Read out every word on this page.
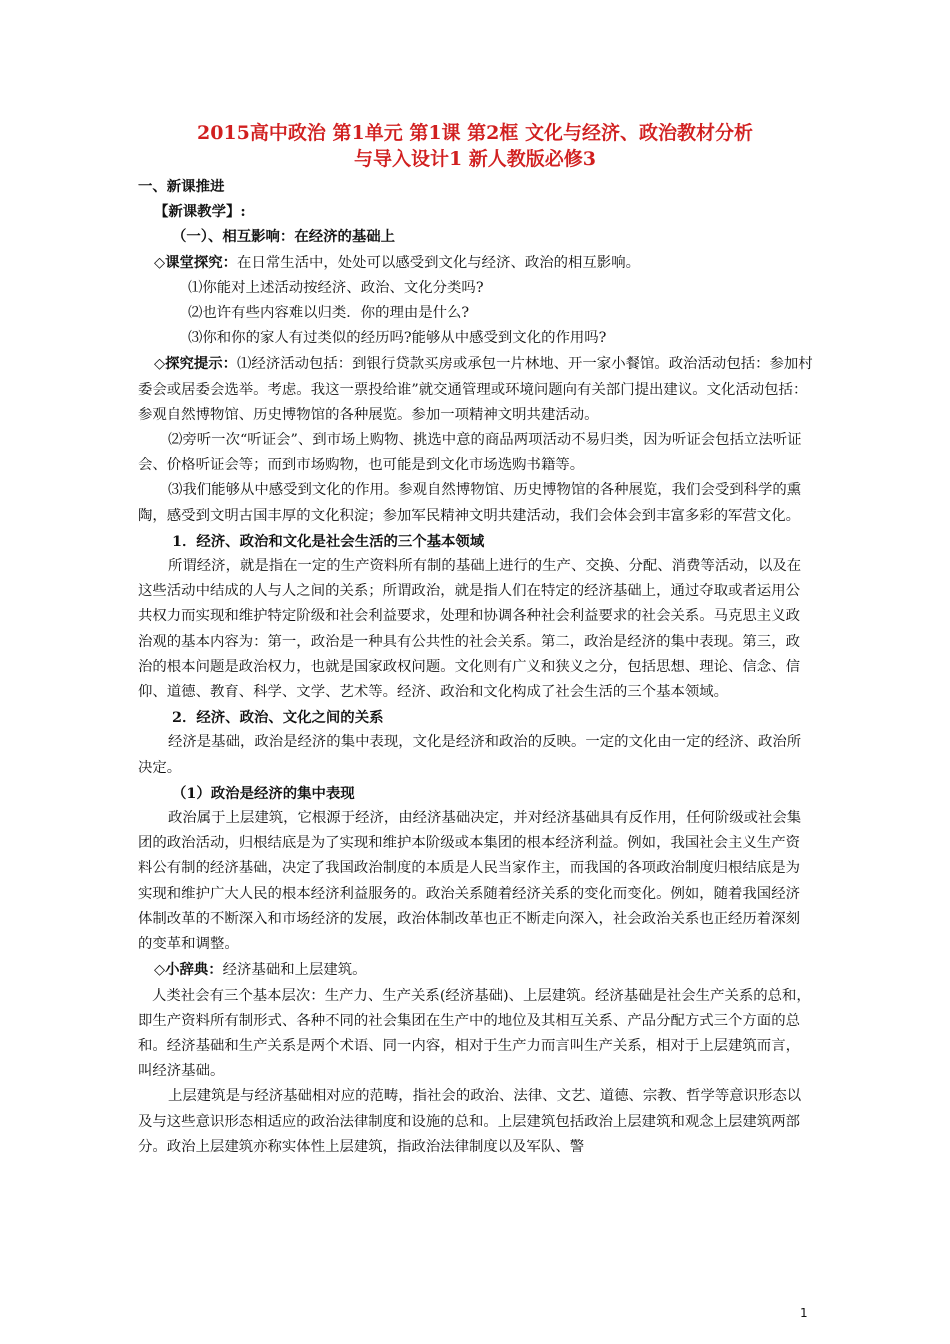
2015高中政治 第1单元 第1课 第2框 文化与经济、政治教材分析
与导入设计1 新人教版必修3

一、新课推进

【新课教学】:

（一）、相互影响：在经济的基础上

◇课堂探究：在日常生活中，处处可以感受到文化与经济、政治的相互影响。

⑴你能对上述活动按经济、政治、文化分类吗?

⑵也许有些内容难以归类．你的理由是什么?

⑶你和你的家人有过类似的经历吗?能够从中感受到文化的作用吗?

◇探究提示：⑴经济活动包括：到银行贷款买房或承包一片林地、开一家小餐馆。政治活动包括：参加村委会或居委会选举。考虑。我这一票投给谁”就交通管理或环境问题向有关部门提出建议。文化活动包括：参观自然博物馆、历史博物馆的各种展览。参加一项精神文明共建活动。

⑵旁听一次“听证会”、到市场上购物、挑选中意的商品两项活动不易归类，因为听证会包括立法听证会、价格听证会等；而到市场购物，也可能是到文化市场选购书籍等。

⑶我们能够从中感受到文化的作用。参观自然博物馆、历史博物馆的各种展览，我们会受到科学的熏陶，感受到文明古国丰厚的文化积淀；参加军民精神文明共建活动，我们会体会到丰富多彩的军营文化。

1．经济、政治和文化是社会生活的三个基本领域

所谓经济，就是指在一定的生产资料所有制的基础上进行的生产、交换、分配、消费等活动，以及在这些活动中结成的人与人之间的关系；所谓政治，就是指人们在特定的经济基础上，通过夺取或者运用公共权力而实现和维护特定阶级和社会利益要求，处理和协调各种社会利益要求的社会关系。马克思主义政治观的基本内容为：第一，政治是一种具有公共性的社会关系。第二，政治是经济的集中表现。第三，政治的根本问题是政治权力，也就是国家政权问题。文化则有广义和狭义之分，包括思想、理论、信念、信仰、道德、教育、科学、文学、艺术等。经济、政治和文化构成了社会生活的三个基本领域。

2．经济、政治、文化之间的关系

经济是基础，政治是经济的集中表现，文化是经济和政治的反映。一定的文化由一定的经济、政治所决定。

（1）政治是经济的集中表现

政治属于上层建筑，它根源于经济，由经济基础决定，并对经济基础具有反作用，任何阶级或社会集团的政治活动，归根结底是为了实现和维护本阶级或本集团的根本经济利益。例如，我国社会主义生产资料公有制的经济基础，决定了我国政治制度的本质是人民当家作主，而我国的各项政治制度归根结底是为实现和维护广大人民的根本经济利益服务的。政治关系随着经济关系的变化而变化。例如，随着我国经济体制改革的不断深入和市场经济的发展，政治体制改革也正不断走向深入，社会政治关系也正经历着深刻的变革和调整。

◇小辞典：经济基础和上层建筑。

人类社会有三个基本层次：生产力、生产关系(经济基础)、上层建筑。经济基础是社会生产关系的总和，即生产资料所有制形式、各种不同的社会集团在生产中的地位及其相互关系、产品分配方式三个方面的总和。经济基础和生产关系是两个术语、同一内容，相对于生产力而言叫生产关系，相对于上层建筑而言，叫经济基础。

上层建筑是与经济基础相对应的范畴，指社会的政治、法律、文艺、道德、宗教、哲学等意识形态以及与这些意识形态相适应的政治法律制度和设施的总和。上层建筑包括政治上层建筑和观念上层建筑两部分。政治上层建筑亦称实体性上层建筑，指政治法律制度以及军队、警

1
